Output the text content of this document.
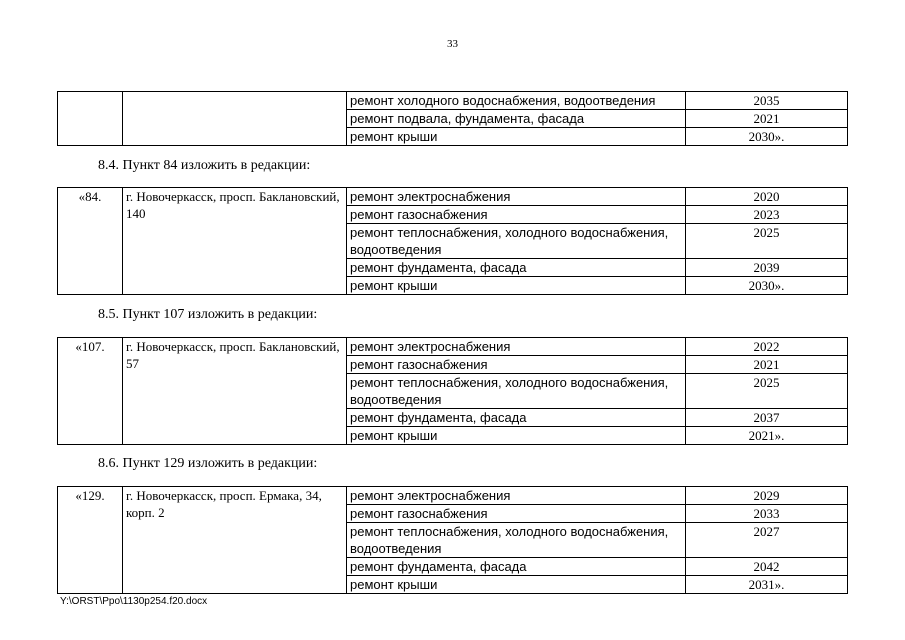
33
		ремонт холодного водоснабжения, водоотведения	2035
		ремонт подвала, фундамента, фасада	2021
		ремонт крыши	2030».
8.4. Пункт 84 изложить в редакции:
«84.	г. Новочеркасск, просп. Баклановский, 140	ремонт электроснабжения	2020
		ремонт газоснабжения	2023
		ремонт теплоснабжения, холодного водоснабжения, водоотведения	2025
		ремонт фундамента, фасада	2039
		ремонт крыши	2030».
8.5. Пункт 107 изложить в редакции:
«107.	г. Новочеркасск, просп. Баклановский, 57	ремонт электроснабжения	2022
		ремонт газоснабжения	2021
		ремонт теплоснабжения, холодного водоснабжения, водоотведения	2025
		ремонт фундамента, фасада	2037
		ремонт крыши	2021».
8.6. Пункт 129 изложить в редакции:
«129.	г. Новочеркасск, просп. Ермака, 34, корп. 2	ремонт электроснабжения	2029
		ремонт газоснабжения	2033
		ремонт теплоснабжения, холодного водоснабжения, водоотведения	2027
		ремонт фундамента, фасада	2042
		ремонт крыши	2031».
Y:\ORST\Ppo\1130p254.f20.docx
